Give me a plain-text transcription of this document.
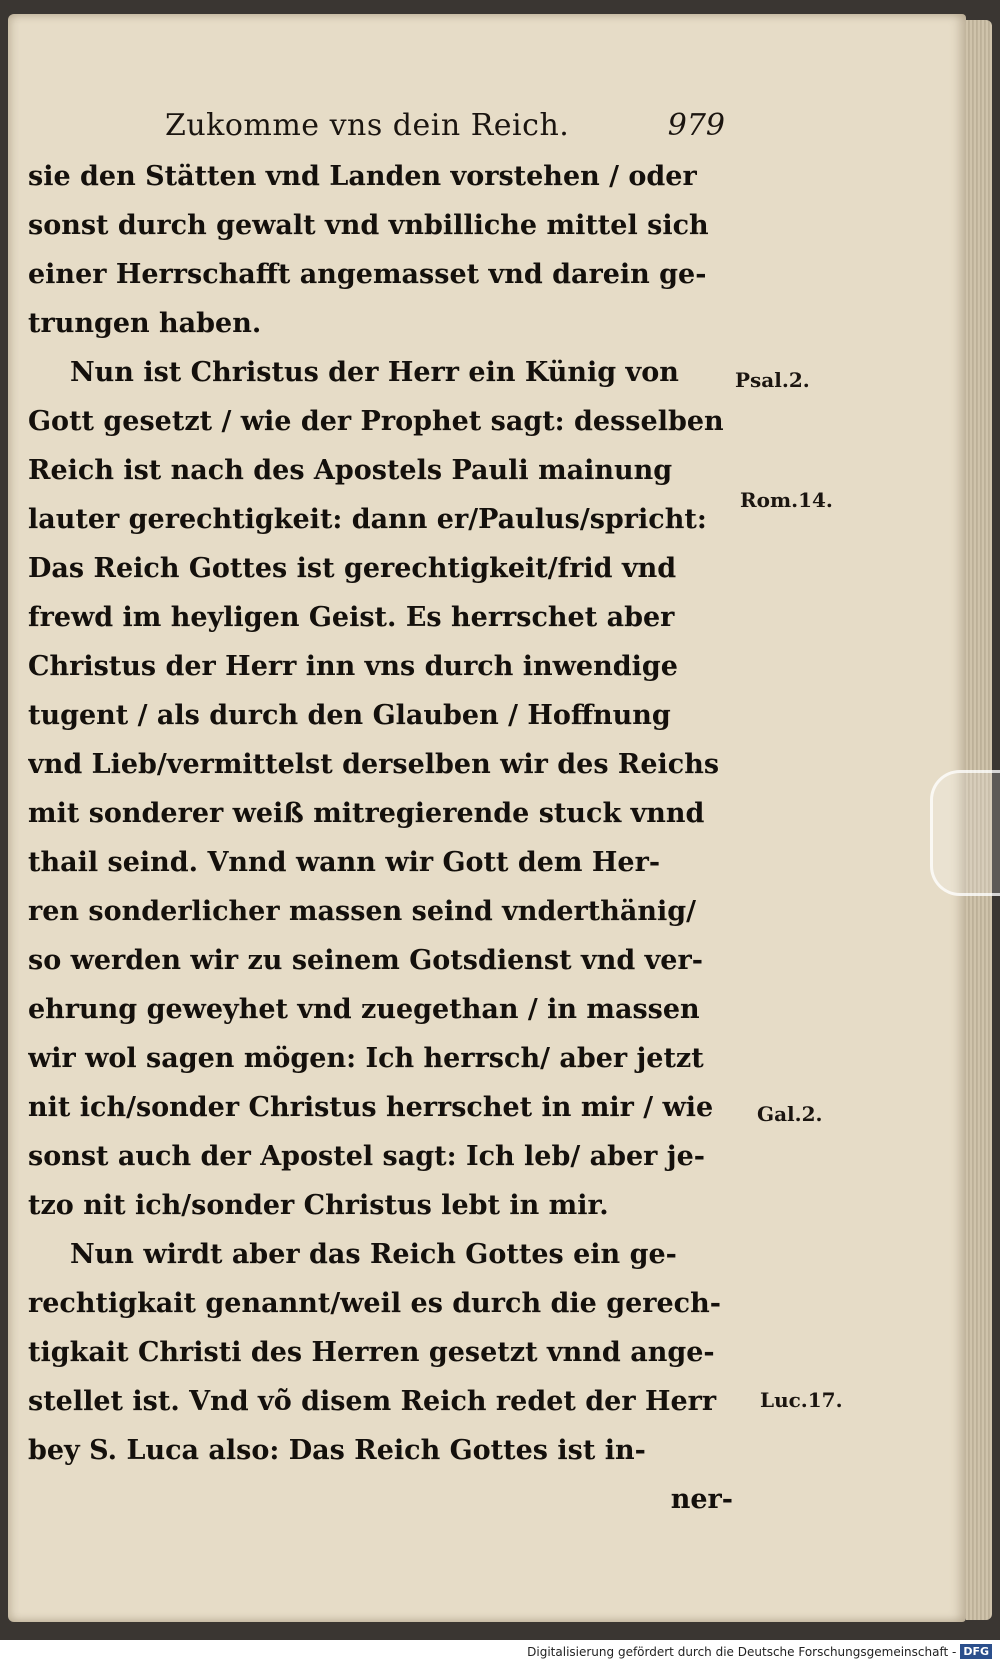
Zukomme vns dein Reich.	979
sie den Stätten vnd Landen vorstehen / oder
sonst durch gewalt vnd vnbilliche mittel sich
einer Herrschafft angemasset vnd darein ge-
trungen haben.
Nun ist Christus der Herr ein Künig von
Gott gesetzt / wie der Prophet sagt: desselben
Reich ist nach des Apostels Pauli mainung
lauter gerechtigkeit: dann er/Paulus/spricht:
Das Reich Gottes ist gerechtigkeit/frid vnd
frewd im heyligen Geist. Es herrschet aber
Christus der Herr inn vns durch inwendige
tugent / als durch den Glauben / Hoffnung
vnd Lieb/vermittelst derselben wir des Reichs
mit sonderer weiß mitregierende stuck vnnd
thail seind. Vnnd wann wir Gott dem Her-
ren sonderlicher massen seind vnderthänig/
so werden wir zu seinem Gotsdienst vnd ver-
ehrung geweyhet vnd zuegethan / in massen
wir wol sagen mögen: Ich herrsch/ aber jetzt
nit ich/sonder Christus herrschet in mir / wie
sonst auch der Apostel sagt: Ich leb/ aber je-
tzo nit ich/sonder Christus lebt in mir.
Nun wirdt aber das Reich Gottes ein ge-
rechtigkait genannt/weil es durch die gerech-
tigkait Christi des Herren gesetzt vnnd ange-
stellet ist. Vnd võ disem Reich redet der Herr
bey S. Luca also: Das Reich Gottes ist in-
ner-
Psal.2.
Rom.14.
Gal.2.
Luc.17.
Digitalisierung gefördert durch die Deutsche Forschungsgemeinschaft - DFG
